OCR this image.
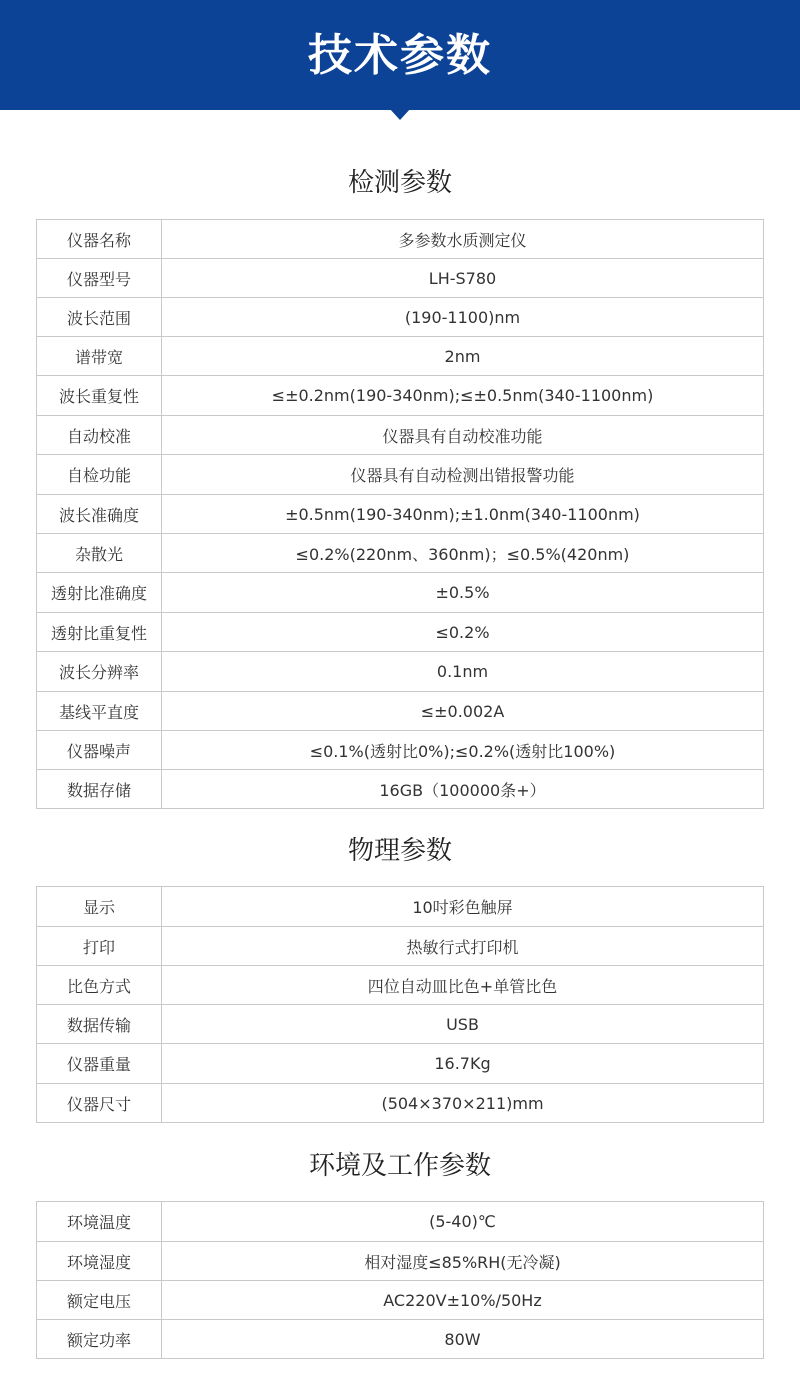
技术参数
检测参数
仪器名称	多参数水质测定仪
仪器型号	LH-S780
波长范围	(190-1100)nm
谱带宽	2nm
波长重复性	≤±0.2nm(190-340nm);≤±0.5nm(340-1100nm)
自动校准	仪器具有自动校准功能
自检功能	仪器具有自动检测出错报警功能
波长准确度	±0.5nm(190-340nm);±1.0nm(340-1100nm)
杂散光	≤0.2%(220nm、360nm)；≤0.5%(420nm)
透射比准确度	±0.5%
透射比重复性	≤0.2%
波长分辨率	0.1nm
基线平直度	≤±0.002A
仪器噪声	≤0.1%(透射比0%);≤0.2%(透射比100%)
数据存储	16GB（100000条+）
物理参数
显示	10吋彩色触屏
打印	热敏行式打印机
比色方式	四位自动皿比色+单管比色
数据传输	USB
仪器重量	16.7Kg
仪器尺寸	(504×370×211)mm
环境及工作参数
环境温度	(5-40)℃
环境湿度	相对湿度≤85%RH(无冷凝)
额定电压	AC220V±10%/50Hz
额定功率	80W
